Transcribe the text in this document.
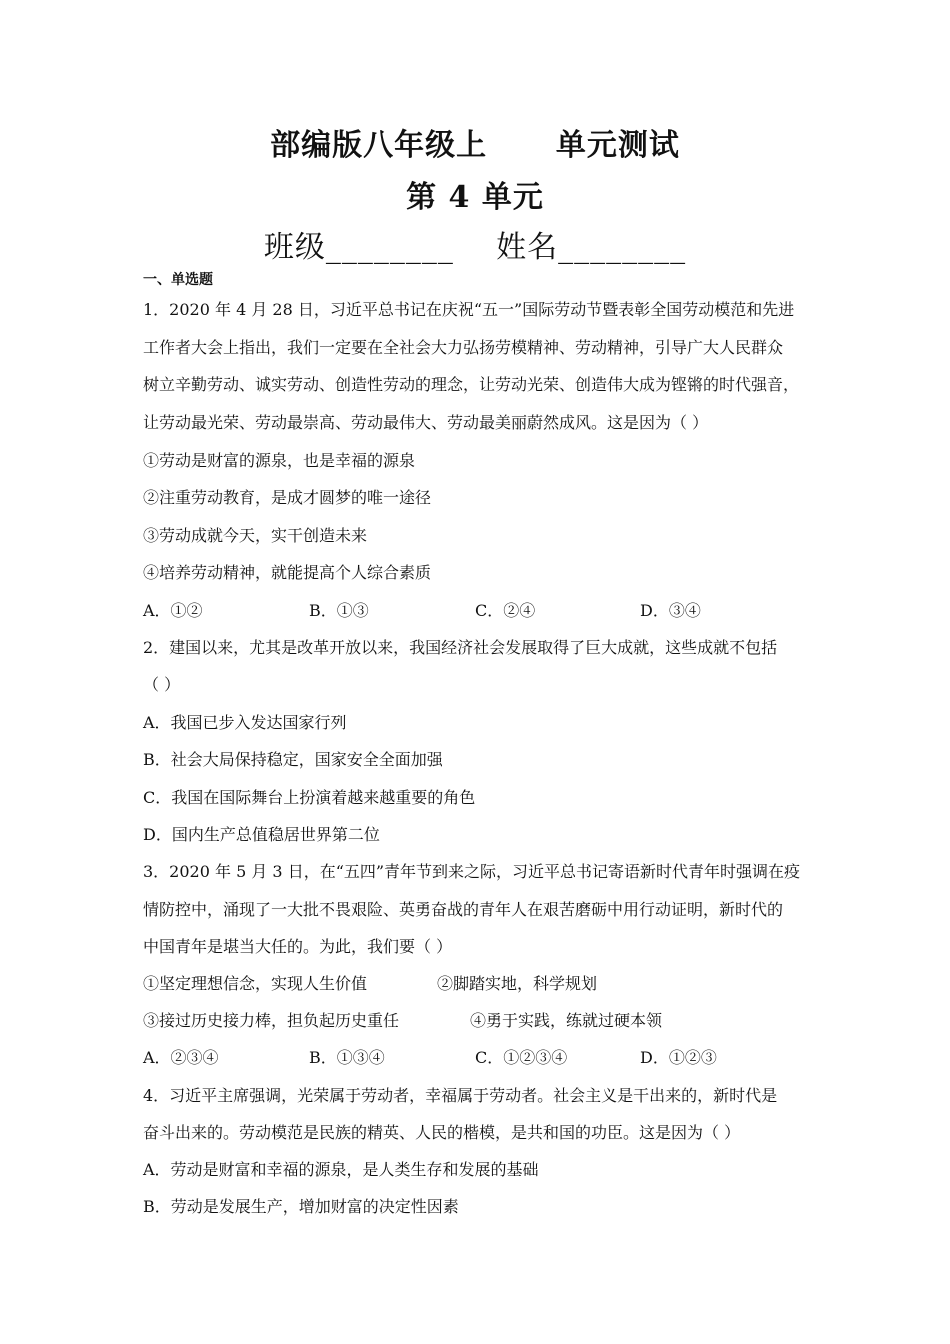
部编版八年级上      单元测试
第 4 单元
班级________    姓名________
一、单选题
1．2020 年 4 月 28 日，习近平总书记在庆祝“五一”国际劳动节暨表彰全国劳动模范和先进
工作者大会上指出，我们一定要在全社会大力弘扬劳模精神、劳动精神，引导广大人民群众
树立辛勤劳动、诚实劳动、创造性劳动的理念，让劳动光荣、创造伟大成为铿锵的时代强音，
让劳动最光荣、劳动最崇高、劳动最伟大、劳动最美丽蔚然成风。这是因为（ ）
①劳动是财富的源泉，也是幸福的源泉
②注重劳动教育，是成才圆梦的唯一途径
③劳动成就今天，实干创造未来
④培养劳动精神，就能提高个人综合素质
A．①②	B．①③	C．②④	D．③④
2．建国以来，尤其是改革开放以来，我国经济社会发展取得了巨大成就，这些成就不包括
（ ）
A．我国已步入发达国家行列
B．社会大局保持稳定，国家安全全面加强
C．我国在国际舞台上扮演着越来越重要的角色
D．国内生产总值稳居世界第二位
3．2020 年 5 月 3 日，在“五四”青年节到来之际，习近平总书记寄语新时代青年时强调在疫
情防控中，涌现了一大批不畏艰险、英勇奋战的青年人在艰苦磨砺中用行动证明，新时代的
中国青年是堪当大任的。为此，我们要（ ）
①坚定理想信念，实现人生价值	②脚踏实地，科学规划
③接过历史接力棒，担负起历史重任	④勇于实践，练就过硬本领
A．②③④	B．①③④	C．①②③④	D．①②③
4．习近平主席强调，光荣属于劳动者，幸福属于劳动者。社会主义是干出来的，新时代是
奋斗出来的。劳动模范是民族的精英、人民的楷模，是共和国的功臣。这是因为（ ）
A．劳动是财富和幸福的源泉，是人类生存和发展的基础
B．劳动是发展生产，增加财富的决定性因素
